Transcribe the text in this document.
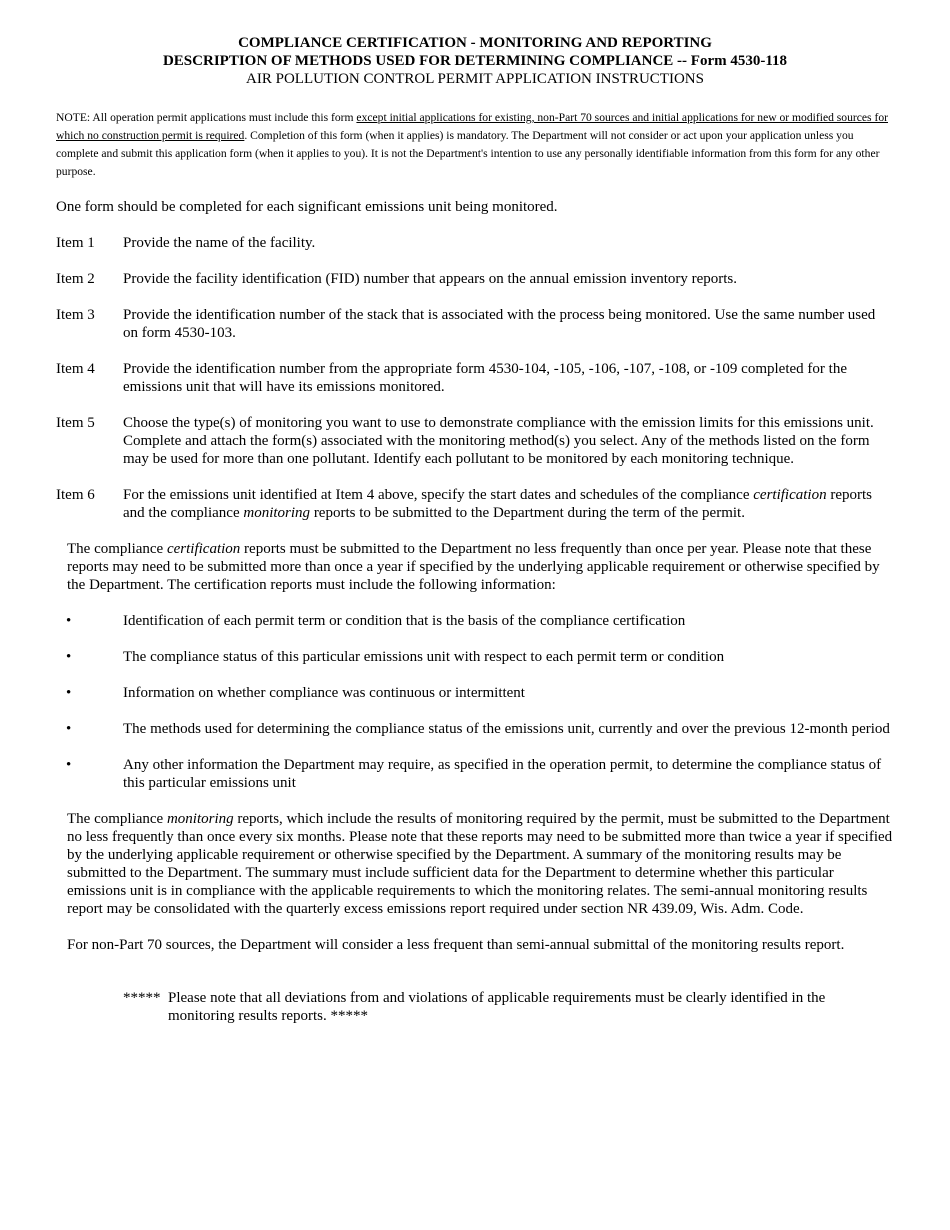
COMPLIANCE CERTIFICATION - MONITORING AND REPORTING
DESCRIPTION OF METHODS USED FOR DETERMINING COMPLIANCE -- Form 4530-118
AIR POLLUTION CONTROL PERMIT APPLICATION INSTRUCTIONS

NOTE: All operation permit applications must include this form except initial applications for existing, non-Part 70 sources and initial applications for new or modified sources for which no construction permit is required. Completion of this form (when it applies) is mandatory. The Department will not consider or act upon your application unless you complete and submit this application form (when it applies to you). It is not the Department's intention to use any personally identifiable information from this form for any other purpose.

One form should be completed for each significant emissions unit being monitored.

Item 1 Provide the name of the facility.
Item 2 Provide the facility identification (FID) number that appears on the annual emission inventory reports.
Item 3 Provide the identification number of the stack that is associated with the process being monitored. Use the same number used on form 4530-103.
Item 4 Provide the identification number from the appropriate form 4530-104, -105, -106, -107, -108, or -109 completed for the emissions unit that will have its emissions monitored.
Item 5 Choose the type(s) of monitoring you want to use to demonstrate compliance with the emission limits for this emissions unit. Complete and attach the form(s) associated with the monitoring method(s) you select. Any of the methods listed on the form may be used for more than one pollutant. Identify each pollutant to be monitored by each monitoring technique.
Item 6 For the emissions unit identified at Item 4 above, specify the start dates and schedules of the compliance certification reports and the compliance monitoring reports to be submitted to the Department during the term of the permit.

The compliance certification reports must be submitted to the Department no less frequently than once per year. Please note that these reports may need to be submitted more than once a year if specified by the underlying applicable requirement or otherwise specified by the Department. The certification reports must include the following information:

•	Identification of each permit term or condition that is the basis of the compliance certification
•	The compliance status of this particular emissions unit with respect to each permit term or condition
•	Information on whether compliance was continuous or intermittent
•	The methods used for determining the compliance status of the emissions unit, currently and over the previous 12-month period
•	Any other information the Department may require, as specified in the operation permit, to determine the compliance status of this particular emissions unit

The compliance monitoring reports, which include the results of monitoring required by the permit, must be submitted to the Department no less frequently than once every six months. Please note that these reports may need to be submitted more than twice a year if specified by the underlying applicable requirement or otherwise specified by the Department. A summary of the monitoring results may be submitted to the Department. The summary must include sufficient data for the Department to determine whether this particular emissions unit is in compliance with the applicable requirements to which the monitoring relates. The semi-annual monitoring results report may be consolidated with the quarterly excess emissions report required under section NR 439.09, Wis. Adm. Code.

For non-Part 70 sources, the Department will consider a less frequent than semi-annual submittal of the monitoring results report.

***** Please note that all deviations from and violations of applicable requirements must be clearly identified in the monitoring results reports. *****
